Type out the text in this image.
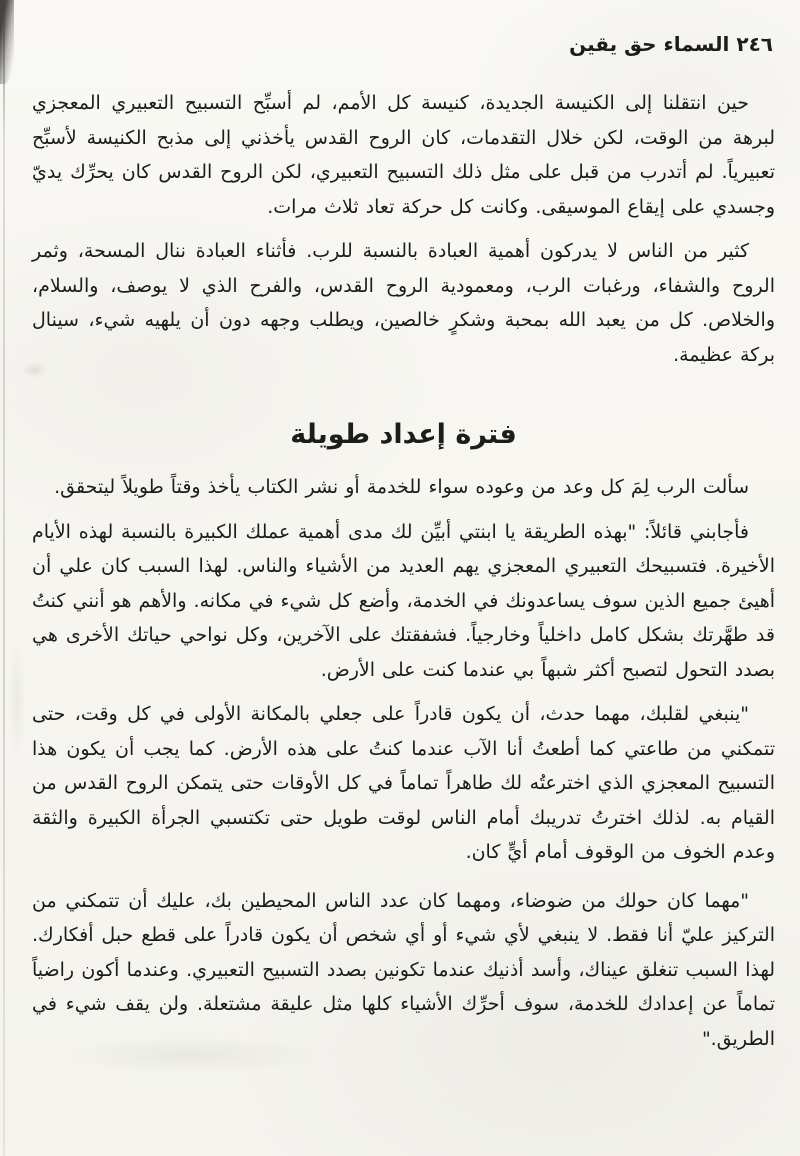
٢٤٦ السماء حق يقين

حين انتقلنا إلى الكنيسة الجديدة، كنيسة كل الأمم، لم أسبِّح التسبيح التعبيري المعجزي لبرهة من الوقت، لكن خلال التقدمات، كان الروح القدس يأخذني إلى مذبح الكنيسة لأسبِّح تعبيرياً. لم أتدرب من قبل على مثل ذلك التسبيح التعبيري، لكن الروح القدس كان يحرِّك يديّ وجسدي على إيقاع الموسيقى. وكانت كل حركة تعاد ثلاث مرات.

كثير من الناس لا يدركون أهمية العبادة بالنسبة للرب. فأثناء العبادة ننال المسحة، وثمر الروح والشفاء، ورغبات الرب، ومعمودية الروح القدس، والفرح الذي لا يوصف، والسلام، والخلاص. كل من يعبد الله بمحبة وشكرٍ خالصين، ويطلب وجهه دون أن يلهيه شيء، سينال بركة عظيمة.

فترة إعداد طويلة

سألت الرب لِمَ كل وعد من وعوده سواء للخدمة أو نشر الكتاب يأخذ وقتاً طويلاً ليتحقق.

فأجابني قائلاً: "بهذه الطريقة يا ابنتي أبيِّن لك مدى أهمية عملك الكبيرة بالنسبة لهذه الأيام الأخيرة. فتسبيحك التعبيري المعجزي يهم العديد من الأشياء والناس. لهذا السبب كان علي أن أهيئ جميع الذين سوف يساعدونك في الخدمة، وأضع كل شيء في مكانه. والأهم هو أنني كنتُ قد طهَّرتك بشكل كامل داخلياً وخارجياً. فشفقتك على الآخرين، وكل نواحي حياتك الأخرى هي بصدد التحول لتصبح أكثر شبهاً بي عندما كنت على الأرض.

"ينبغي لقلبك، مهما حدث، أن يكون قادراً على جعلي بالمكانة الأولى في كل وقت، حتى تتمكني من طاعتي كما أطعتُ أنا الآب عندما كنتُ على هذه الأرض. كما يجب أن يكون هذا التسبيح المعجزي الذي اخترعتُه لك طاهراً تماماً في كل الأوقات حتى يتمكن الروح القدس من القيام به. لذلك اخترتُ تدريبك أمام الناس لوقت طويل حتى تكتسبي الجرأة الكبيرة والثقة وعدم الخوف من الوقوف أمام أيٍّ كان.

"مهما كان حولك من ضوضاء، ومهما كان عدد الناس المحيطين بك، عليك أن تتمكني من التركيز عليّ أنا فقط. لا ينبغي لأي شيء أو أي شخص أن يكون قادراً على قطع حبل أفكارك. لهذا السبب تنغلق عيناك، وأسد أذنيك عندما تكونين بصدد التسبيح التعبيري. وعندما أكون راضياً تماماً عن إعدادك للخدمة، سوف أحرِّك الأشياء كلها مثل عليقة مشتعلة. ولن يقف شيء في الطريق."
